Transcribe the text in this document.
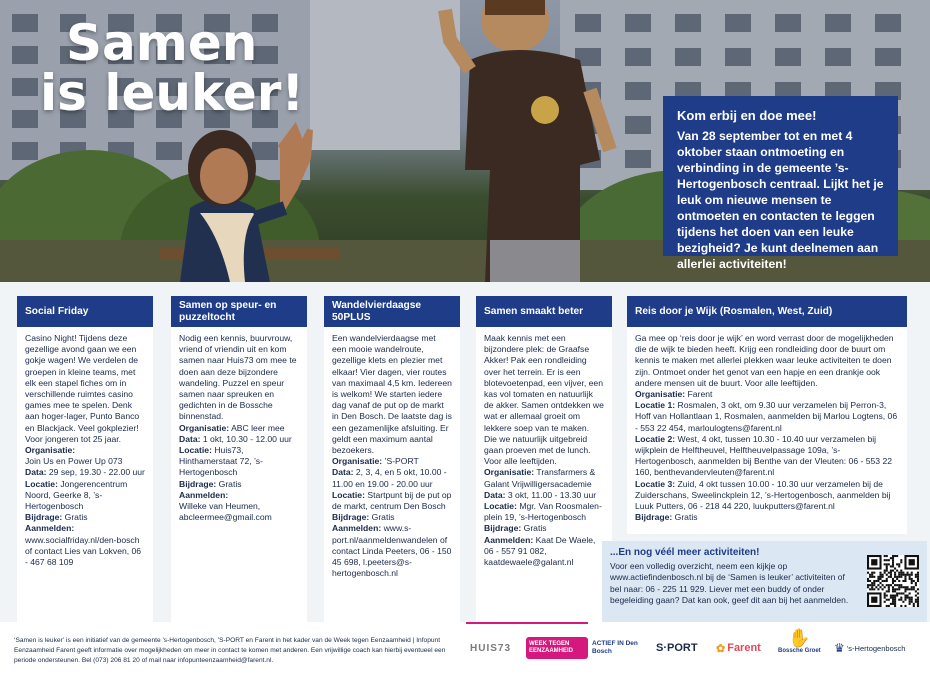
Samen
is leuker!	Kom erbij en doe mee!
Van 28 september tot en met 4 oktober staan ontmoeting en verbinding in de gemeente ’s-Hertogenbosch centraal. Lijkt het je leuk om nieuwe mensen te ontmoeten en contacten te leggen tijdens het doen van een leuke bezigheid? Je kunt deelnemen aan allerlei activiteiten!
Social Friday
Casino Night! Tijdens deze gezellige avond gaan we een gokje wagen! We verdelen de groepen in kleine teams, met elk een stapel fiches om in verschillende ruimtes casino games mee te spelen. Denk aan hoger-lager, Punto Banco en Blackjack. Veel gokplezier! Voor jongeren tot 25 jaar.
Organisatie:
Join Us en Power Up 073
Data: 29 sep, 19.30 - 22.00 uur
Locatie: Jongerencentrum Noord, Geerke 8, ’s-Hertogenbosch
Bijdrage: Gratis
Aanmelden:
www.socialfriday.nl/den-bosch of contact Lies van Lokven, 06 - 467 68 109
Samen op speur- en puzzeltocht
Nodig een kennis, buurvrouw, vriend of vriendin uit en kom samen naar Huis73 om mee te doen aan deze bijzondere wandeling. Puzzel en speur samen naar spreuken en gedichten in de Bossche binnenstad.
Organisatie: ABC leer mee
Data: 1 okt, 10.30 - 12.00 uur
Locatie: Huis73, Hinthamerstaat 72, ’s-Hertogenbosch
Bijdrage: Gratis
Aanmelden:
Willeke van Heumen, abcleermee@gmail.com
Wandelvierdaagse 50PLUS
Een wandelvierdaagse met een mooie wandelroute, gezellige klets en plezier met elkaar! Vier dagen, vier routes van maximaal 4,5 km. Iedereen is welkom! We starten iedere dag vanaf de put op de markt in Den Bosch. De laatste dag is een gezamenlijke afsluiting. Er geldt een maximum aantal bezoekers.
Organisatie: ’S-PORT
Data: 2, 3, 4, en 5 okt, 10.00 - 11.00 en 19.00 - 20.00 uur
Locatie: Startpunt bij de put op de markt, centrum Den Bosch
Bijdrage: Gratis
Aanmelden: www.s-port.nl/aanmeldenwandelen of contact Linda Peeters, 06 - 150 45 698, l.peeters@s-hertogenbosch.nl
Samen smaakt beter
Maak kennis met een bijzondere plek: de Graafse Akker! Pak een rondleiding over het terrein. Er is een blotevoetenpad, een vijver, een kas vol tomaten en natuurlijk de akker. Samen ontdekken we wat er allemaal groeit om lekkere soep van te maken. Die we natuurlijk uitgebreid gaan proeven met de lunch. Voor alle leeftijden.
Organisatie: Transfarmers & Galant Vrijwilligersacademie
Data: 3 okt, 11.00 - 13.30 uur
Locatie: Mgr. Van Roosmalen-plein 19, ’s-Hertogenbosch
Bijdrage: Gratis
Aanmelden: Kaat De Waele, 06 - 557 91 082, kaatdewaele@galant.nl
Reis door je Wijk (Rosmalen, West, Zuid)
Ga mee op ‘reis door je wijk’ en word verrast door de mogelijkheden die de wijk te bieden heeft. Krijg een rondleiding door de buurt om kennis te maken met allerlei plekken waar leuke activiteiten te doen zijn. Ontmoet onder het genot van een hapje en een drankje ook andere mensen uit de buurt. Voor alle leeftijden.
Organisatie: Farent
Locatie 1: Rosmalen, 3 okt, om 9.30 uur verzamelen bij Perron-3, Hoff van Hollantlaan 1, Rosmalen, aanmelden bij Marlou Logtens, 06 - 553 22 454, marloulogtens@farent.nl
Locatie 2: West, 4 okt, tussen 10.30 - 10.40 uur verzamelen bij wijkplein de Helftheuvel, Helftheuvelpassage 109a, ’s-Hertogenbosch, aanmelden bij Benthe van der Vleuten: 06 - 553 22 160, benthevandervleuten@farent.nl
Locatie 3: Zuid, 4 okt tussen 10.00 - 10.30 uur verzamelen bij de Zuiderschans, Sweelinckplein 12, ’s-Hertogenbosch, aanmelden bij Luuk Putters, 06 - 218 44 220, luukputters@farent.nl
Bijdrage: Gratis
...En nog véél meer activiteiten!
Voor een volledig overzicht, neem een kijkje op www.actiefindenbosch.nl bij de ‘Samen is leuker’ activiteiten of bel naar: 06 - 225 11 929. Liever met een buddy of onder begeleiding gaan? Dat kan ook, geef dit aan bij het aanmelden.
‘Samen is leuker’ is een initiatief van de gemeente ’s-Hertogenbosch, ’S-PORT en Farent in het kader van de Week tegen Eenzaamheid | Infopunt Eenzaamheid Farent geeft informatie over mogelijkheden om meer in contact te komen met anderen. Een vrijwillige coach kan hierbij eventueel een periode ondersteunen. Bel (073) 206 81 20 of mail naar infopunteenzaamheid@farent.nl.
HUIS73	WEEK TEGEN EENZAAMHEID
ACTIEF IN Den Bosch	S·PORT ✿ Farent ✋
Bossche Groet ♛ ’s-Hertogenbosch
